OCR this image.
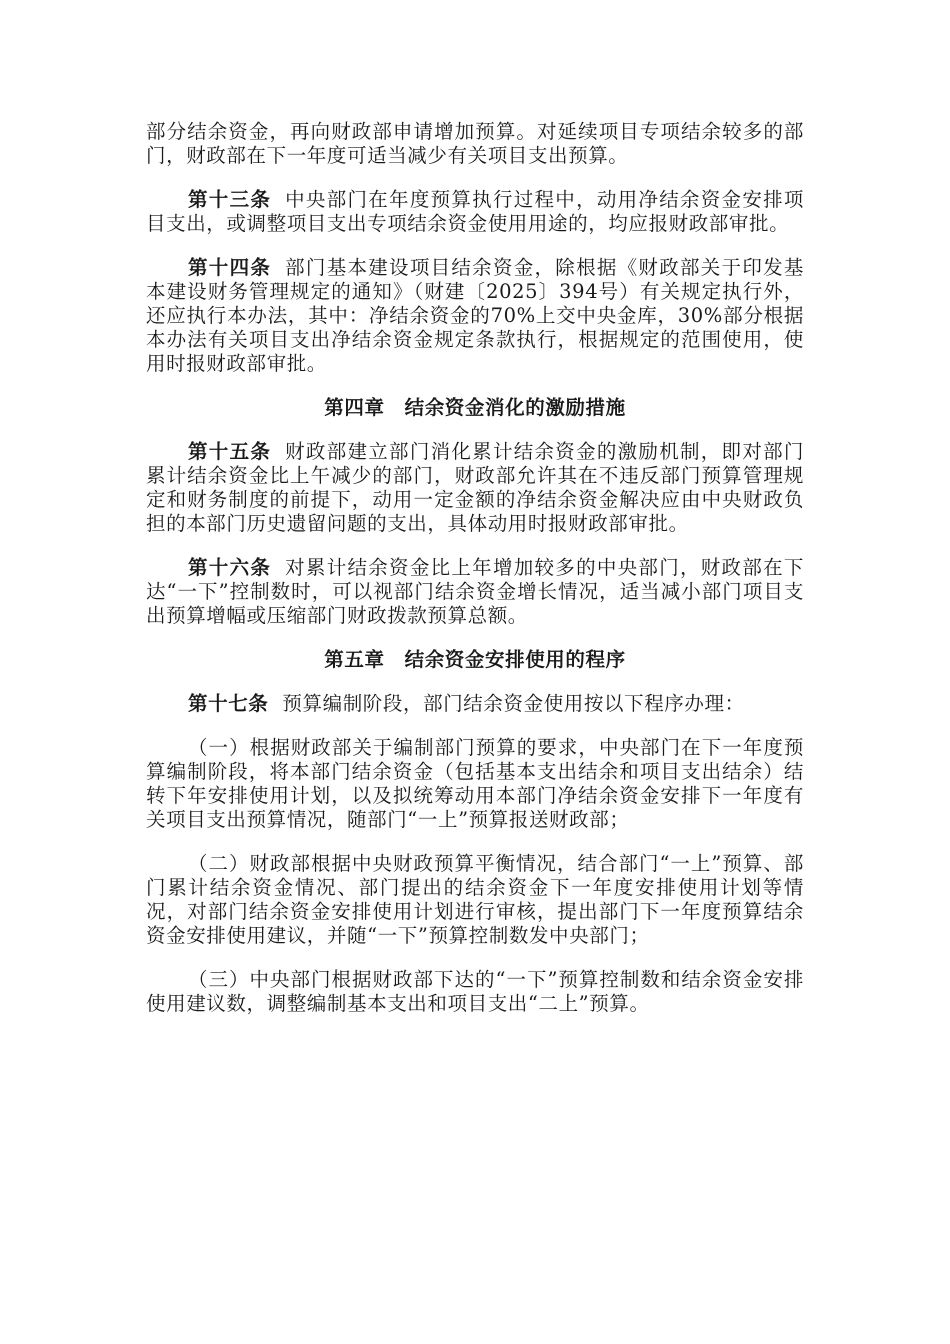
部分结余资金，再向财政部申请增加预算。对延续项目专项结余较多的部门，财政部在下一年度可适当减少有关项目支出预算。

第十三条 中央部门在年度预算执行过程中，动用净结余资金安排项目支出，或调整项目支出专项结余资金使用用途的，均应报财政部审批。

第十四条 部门基本建设项目结余资金，除根据《财政部关于印发基本建设财务管理规定的通知》（财建〔2025〕394号）有关规定执行外，还应执行本办法，其中：净结余资金的70%上交中央金库，30%部分根据本办法有关项目支出净结余资金规定条款执行，根据规定的范围使用，使用时报财政部审批。

第四章 结余资金消化的激励措施

第十五条 财政部建立部门消化累计结余资金的激励机制，即对部门累计结余资金比上午减少的部门，财政部允许其在不违反部门预算管理规定和财务制度的前提下，动用一定金额的净结余资金解决应由中央财政负担的本部门历史遗留问题的支出，具体动用时报财政部审批。

第十六条 对累计结余资金比上年增加较多的中央部门，财政部在下达“一下”控制数时，可以视部门结余资金增长情况，适当减小部门项目支出预算增幅或压缩部门财政拨款预算总额。

第五章 结余资金安排使用的程序

第十七条 预算编制阶段，部门结余资金使用按以下程序办理：

（一）根据财政部关于编制部门预算的要求，中央部门在下一年度预算编制阶段，将本部门结余资金（包括基本支出结余和项目支出结余）结转下年安排使用计划，以及拟统筹动用本部门净结余资金安排下一年度有关项目支出预算情况，随部门“一上”预算报送财政部；

（二）财政部根据中央财政预算平衡情况，结合部门“一上”预算、部门累计结余资金情况、部门提出的结余资金下一年度安排使用计划等情况，对部门结余资金安排使用计划进行审核，提出部门下一年度预算结余资金安排使用建议，并随“一下”预算控制数发中央部门；

（三）中央部门根据财政部下达的“一下”预算控制数和结余资金安排使用建议数，调整编制基本支出和项目支出“二上”预算。
